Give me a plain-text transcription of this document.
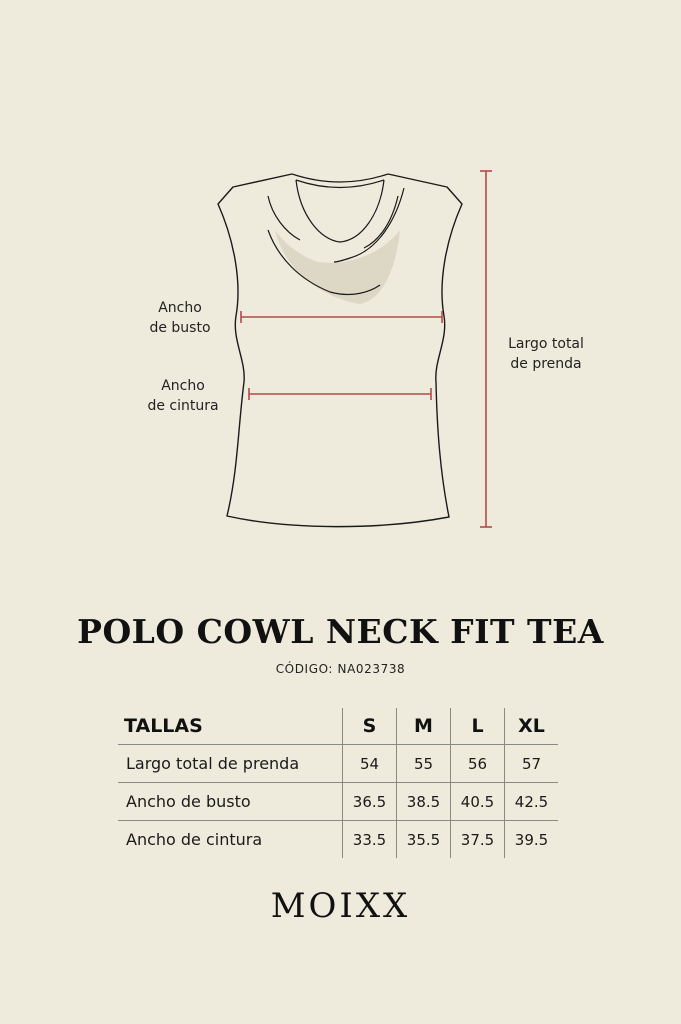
Ancho
de busto
Ancho
de cintura
Largo total
de prenda
POLO COWL NECK FIT TEA
CÓDIGO: NA023738
TALLAS	S	M	L	XL
Largo total de prenda	54	55	56	57
Ancho de busto	36.5	38.5	40.5	42.5
Ancho de cintura	33.5	35.5	37.5	39.5
MOIXX
